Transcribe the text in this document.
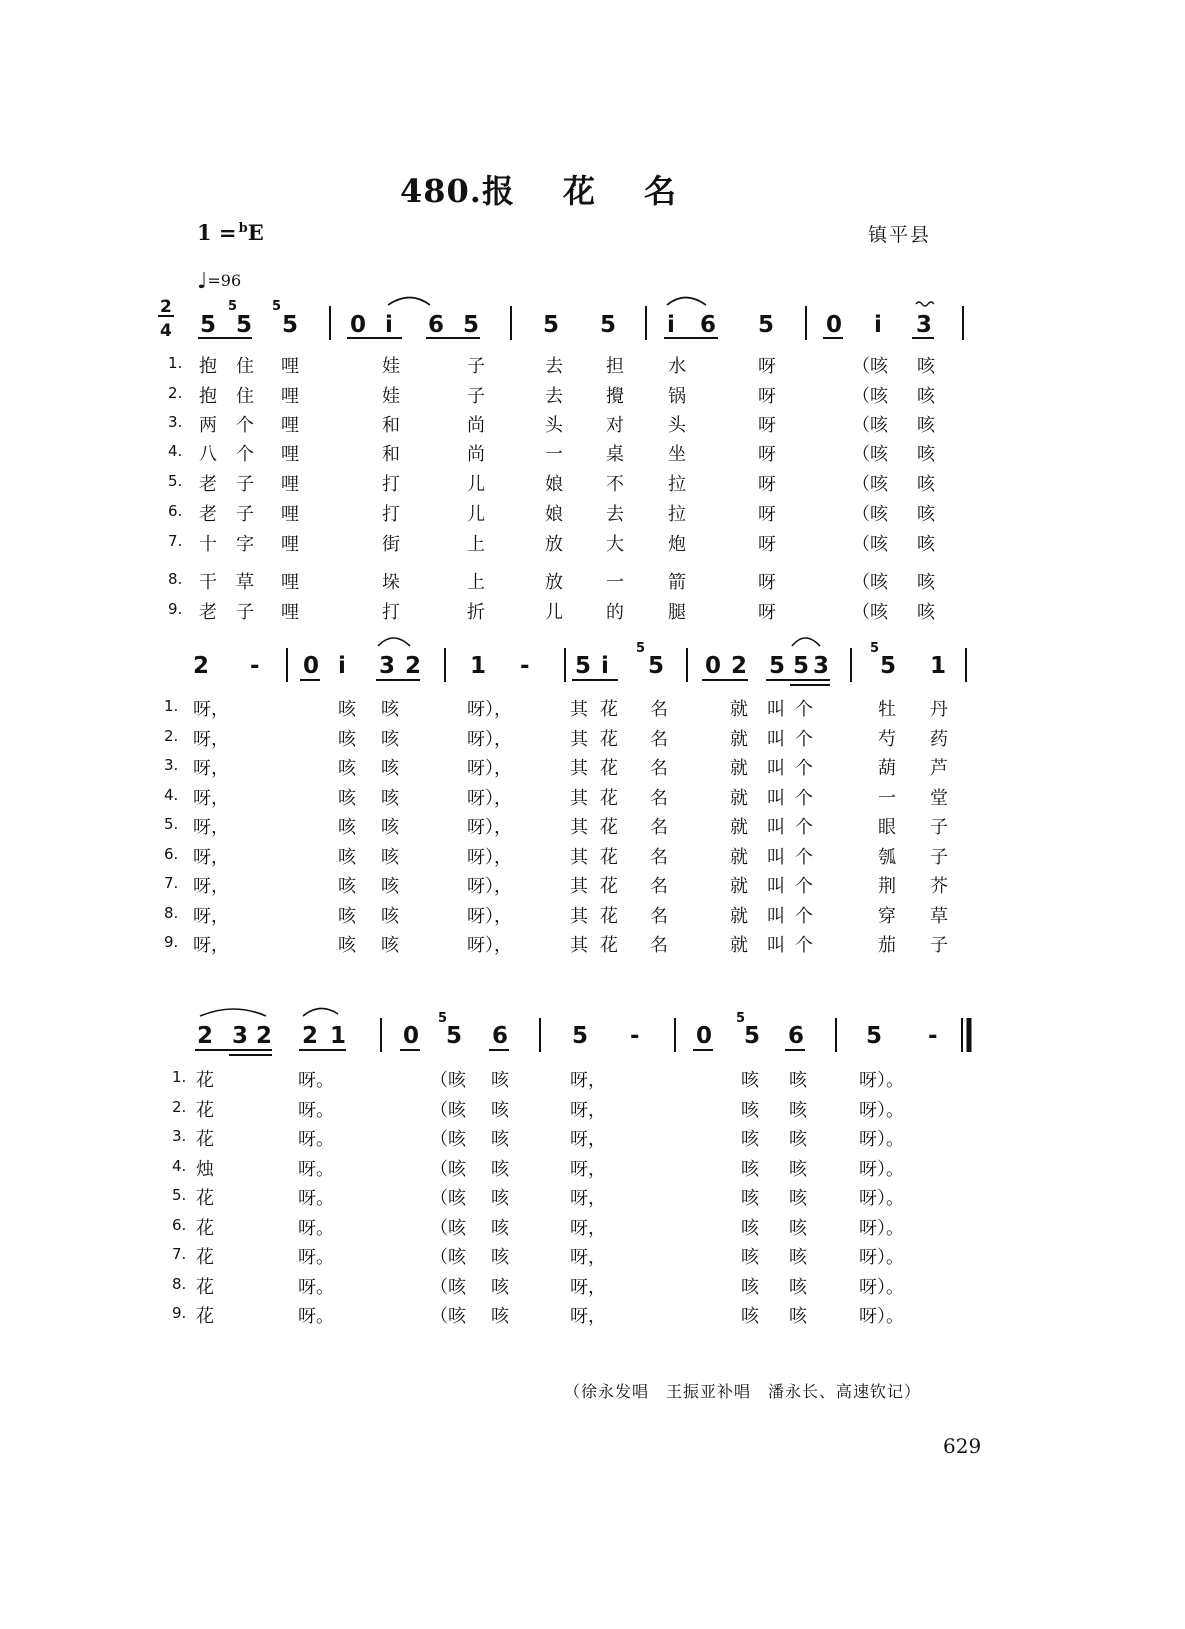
480.报 花 名
1 =  $^b$E	镇平县
♩=96
2
4 5
5
5
5
5 0 i 6 5	5 5 i 6 5 0 i 3
2 - 0 i 3 2 1 - 5 i
5
5 0 2 5 5 3
5
5 1
2 3 2 2 1 0
5
5 6	5 - 0
5
5 6	5 -
1. 抱 住 哩	娃	子	去 担 水	呀	（咳 咳
2. 抱 住 哩	娃	子	去 攪 锅	呀	（咳 咳
3. 两 个 哩	和	尚	头 对 头	呀	（咳 咳
4. 八 个 哩	和	尚	一 桌 坐	呀	（咳 咳
5. 老 子 哩	打	儿	娘 不 拉	呀	（咳 咳
6. 老 子 哩	打	儿	娘 去 拉	呀	（咳 咳
7. 十 字 哩	街	上	放 大 炮	呀	（咳 咳
8. 干 草 哩	垛	上	放 一 箭	呀	（咳 咳
9. 老 子 哩	打	折	儿 的 腿	呀	（咳 咳
1. 呀，	咳 咳	呀），	其 花 名	就 叫 个	牡 丹
2. 呀，	咳 咳	呀），	其 花 名	就 叫 个	芍 药
3. 呀，	咳 咳	呀），	其 花 名	就 叫 个	葫 芦
4. 呀，	咳 咳	呀），	其 花 名	就 叫 个	一 堂
5. 呀，	咳 咳	呀），	其 花 名	就 叫 个	眼 子
6. 呀，	咳 咳	呀），	其 花 名	就 叫 个	瓠 子
7. 呀，	咳 咳	呀），	其 花 名	就 叫 个	荆 芥
8. 呀，	咳 咳	呀），	其 花 名	就 叫 个	穿 草
9. 呀，	咳 咳	呀），	其 花 名	就 叫 个	茄 子
1. 花	呀。	（咳 咳	呀，	咳 咳	呀）。
2. 花	呀。	（咳 咳	呀，	咳 咳	呀）。
3. 花	呀。	（咳 咳	呀，	咳 咳	呀）。
4. 烛	呀。	（咳 咳	呀，	咳 咳	呀）。
5. 花	呀。	（咳 咳	呀，	咳 咳	呀）。
6. 花	呀。	（咳 咳	呀，	咳 咳	呀）。
7. 花	呀。	（咳 咳	呀，	咳 咳	呀）。
8. 花	呀。	（咳 咳	呀，	咳 咳	呀）。
9. 花	呀。	（咳 咳	呀，	咳 咳	呀）。
（徐永发唱　王振亚补唱　潘永长、高速钦记）
629
